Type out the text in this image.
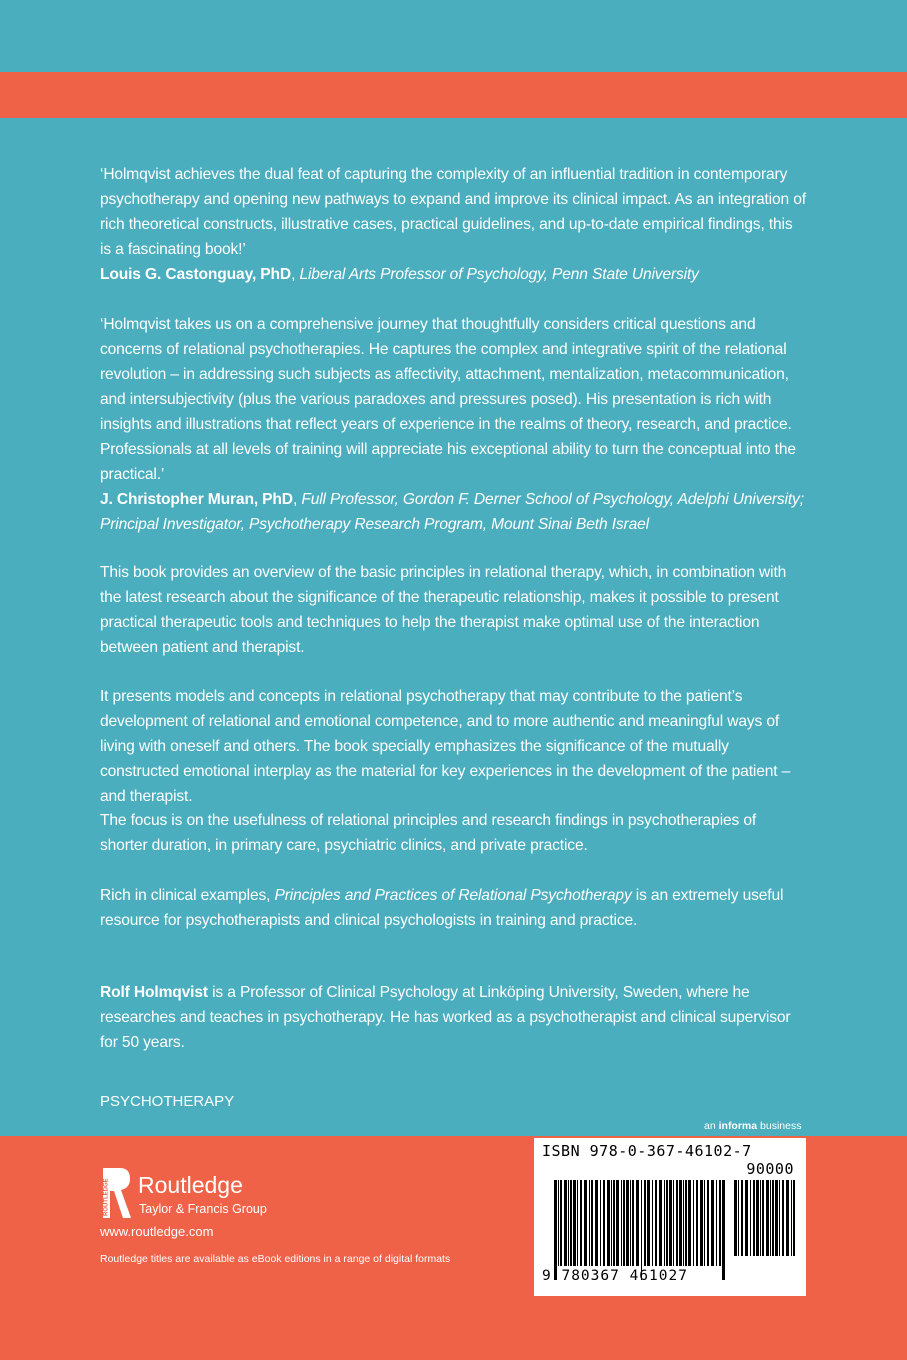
‘Holmqvist achieves the dual feat of capturing the complexity of an influential tradition in contemporary psychotherapy and opening new pathways to expand and improve its clinical impact. As an integration of rich theoretical constructs, illustrative cases, practical guidelines, and up-to-date empirical findings, this is a fascinating book!’

Louis G. Castonguay, PhD, Liberal Arts Professor of Psychology, Penn State University

‘Holmqvist takes us on a comprehensive journey that thoughtfully considers critical questions and concerns of relational psychotherapies. He captures the complex and integrative spirit of the relational revolution – in addressing such subjects as affectivity, attachment, mentalization, metacommunication, and intersubjectivity (plus the various paradoxes and pressures posed). His presentation is rich with insights and illustrations that reflect years of experience in the realms of theory, research, and practice. Professionals at all levels of training will appreciate his exceptional ability to turn the conceptual into the practical.’

J. Christopher Muran, PhD, Full Professor, Gordon F. Derner School of Psychology, Adelphi University; Principal Investigator, Psychotherapy Research Program, Mount Sinai Beth Israel

This book provides an overview of the basic principles in relational therapy, which, in combination with the latest research about the significance of the therapeutic relationship, makes it possible to present practical therapeutic tools and techniques to help the therapist make optimal use of the interaction between patient and therapist.

It presents models and concepts in relational psychotherapy that may contribute to the patient’s development of relational and emotional competence, and to more authentic and meaningful ways of living with oneself and others. The book specially emphasizes the significance of the mutually constructed emotional interplay as the material for key experiences in the development of the patient – and therapist.

The focus is on the usefulness of relational principles and research findings in psychotherapies of shorter duration, in primary care, psychiatric clinics, and private practice.

Rich in clinical examples, Principles and Practices of Relational Psychotherapy is an extremely useful resource for psychotherapists and clinical psychologists in training and practice.

Rolf Holmqvist is a Professor of Clinical Psychology at Linköping University, Sweden, where he researches and teaches in psychotherapy. He has worked as a psychotherapist and clinical supervisor for 50 years.

PSYCHOTHERAPY
an informa business
ROUTLEDGE Routledge
Taylor & Francis Group
www.routledge.com
Routledge titles are available as eBook editions in a range of digital formats
ISBN 978-0-367-46102-7
90000
9 780367 461027
